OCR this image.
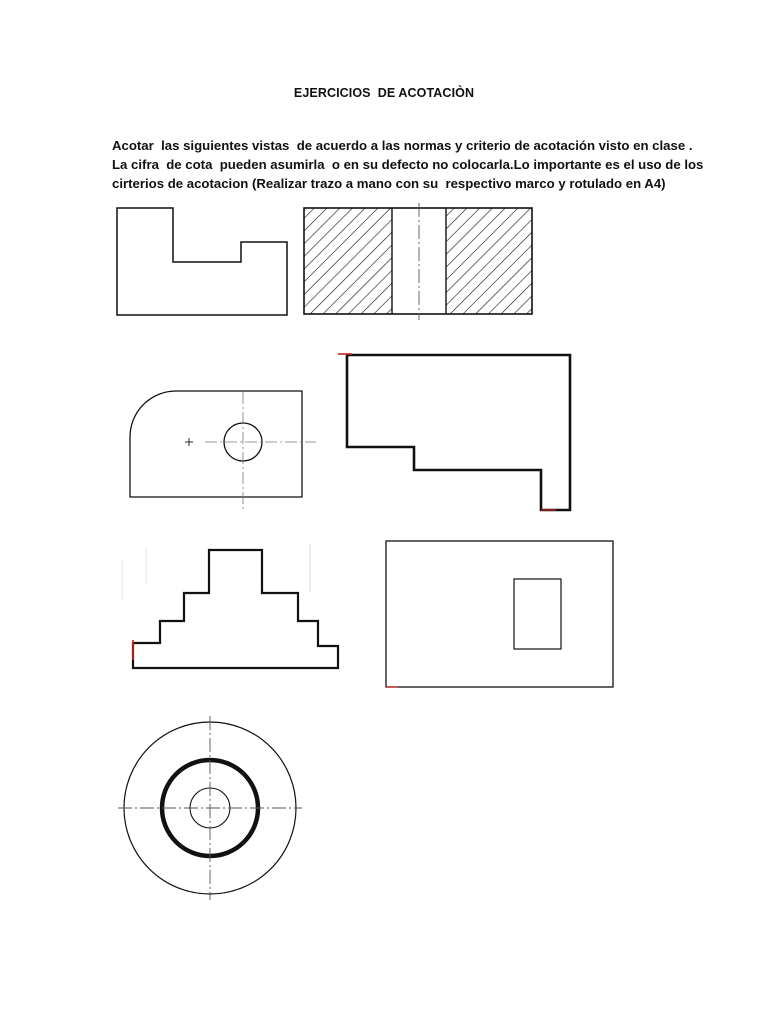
EJERCICIOS  DE ACOTACIÒN
Acotar  las siguientes vistas  de acuerdo a las normas y criterio de acotación visto en clase .
La cifra  de cota  pueden asumirla  o en su defecto no colocarla.Lo importante es el uso de los
cirterios de acotacion (Realizar trazo a mano con su  respectivo marco y rotulado en A4)
